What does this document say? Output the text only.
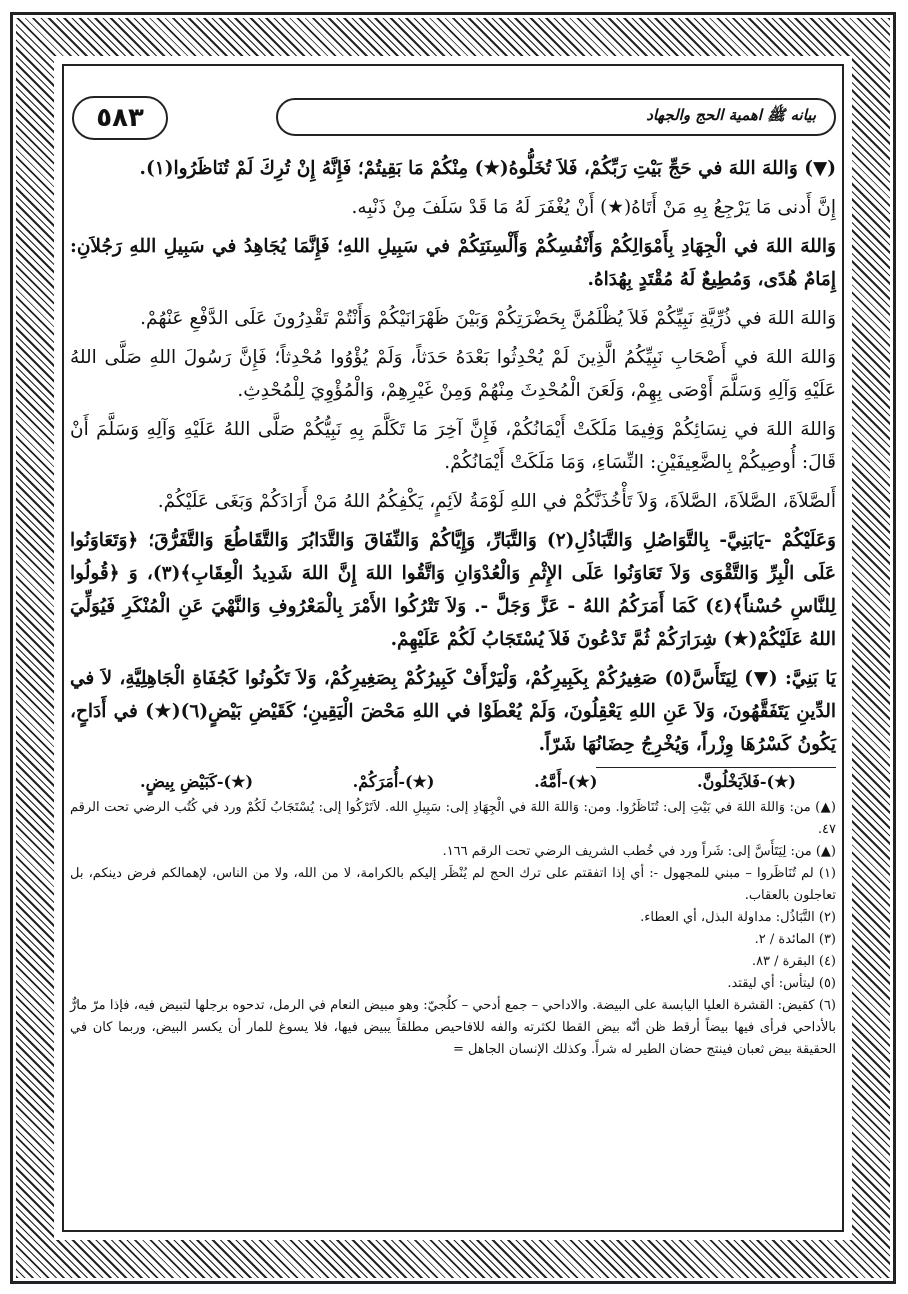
بيانه ﷺ اهمية الحج والجهاد
٥٨٣

(▼) وَاللهَ اللهَ في حَجِّ بَيْتِ رَبِّكُمْ، فَلاَ تُخَلُّوهُ(★) مِنْكُمْ مَا بَقِيتُمْ؛ فَإِنَّهُ إِنْ تُرِكَ لَمْ تُنَاظَرُوا(١).

إِنَّ أَدنى مَا يَرْجِعُ بِهِ مَنْ أَتَاهُ(★) أَنْ يُغْفَرَ لَهُ مَا قَدْ سَلَفَ مِنْ ذَنْبِه.

وَاللهَ اللهَ في الْجِهَادِ بِأَمْوَالِكُمْ وَأَنْفُسِكُمْ وَأَلْسِنَتِكُمْ في سَبِيلِ اللهِ؛ فَإِنَّمَا يُجَاهِدُ في سَبِيلِ اللهِ رَجُلاَنِ: إِمَامٌ هُدًى، وَمُطِيعٌ لَهُ مُقْتَدٍ بِهُدَاهُ.

وَاللهَ اللهَ في ذُرِّيَّةِ نَبِيِّكُمْ فَلاَ يُظْلَمُنَّ بِحَضْرَتِكُمْ وَبَيْنَ ظَهْرَانَيْكُمْ وَأَنْتُمْ تَقْدِرُونَ عَلَى الدَّفْعِ عَنْهُمْ.

وَاللهَ اللهَ في أَصْحَابِ نَبِيِّكُمُ الَّذِينَ لَمْ يُحْدِثُوا بَعْدَهُ حَدَثاً، وَلَمْ يُؤْوُوا مُحْدِثاً؛ فَإِنَّ رَسُولَ اللهِ صَلَّى اللهُ عَلَيْهِ وَآلِهِ وَسَلَّمَ أَوْصَى بِهِمْ، وَلَعَنَ الْمُحْدِثَ مِنْهُمْ وَمِنْ غَيْرِهِمْ، وَالْمُؤْوِيَ لِلْمُحْدِثِ.

وَاللهَ اللهَ في نِسَائِكُمْ وَفِيمَا مَلَكَتْ أَيْمَانُكُمْ، فَإِنَّ آخِرَ مَا تَكَلَّمَ بِهِ نَبِيُّكُمْ صَلَّى اللهُ عَلَيْهِ وَآلِهِ وَسَلَّمَ أَنْ قَالَ: أُوصِيكُمْ بِالضَّعِيفَيْنِ: النِّسَاءِ، وَمَا مَلَكَتْ أَيْمَانُكُمْ.

أَلصَّلاَةَ، الصَّلاَةَ، الصَّلاَةَ، وَلاَ تَأْخُذَنَّكُمْ في اللهِ لَوْمَةُ لاَئِمٍ، يَكْفِكُمُ اللهُ مَنْ أَرَادَكُمْ وَبَغَى عَلَيْكُمْ.

وَعَلَيْكُمْ -يَابَنِيَّ- بِالتَّوَاصُلِ وَالتَّبَاذُلِ(٢) وَالتَّبَارِّ، وَإِيَّاكُمْ وَالنِّفَاقَ وَالتَّدَابُرَ وَالتَّقَاطُعَ وَالتَّفَرُّقَ؛ ﴿وَتَعَاوَنُوا عَلَى الْبِرِّ وَالتَّقْوَى وَلاَ تَعَاوَنُوا عَلَى الإِثْمِ وَالْعُدْوَانِ وَاتَّقُوا اللهَ إِنَّ اللهَ شَدِيدُ الْعِقَابِ﴾(٣)، وَ ﴿قُولُوا لِلنَّاسِ حُسْناً﴾(٤) كَمَا أَمَرَكُمُ اللهُ - عَزَّ وَجَلَّ -. وَلاَ تَتْرُكُوا الأَمْرَ بِالْمَعْرُوفِ وَالنَّهْيَ عَنِ الْمُنْكَرِ فَيُوَلِّيَ اللهُ عَلَيْكُمْ(★) شِرَارَكُمْ ثُمَّ تَدْعُونَ فَلاَ يُسْتَجَابُ لَكُمْ عَلَيْهِمْ.

يَا بَنِيَّ: (▼) لِيَتَأَسَّ(٥) صَغِيرُكُمْ بِكَبِيرِكُمْ، وَلْيَرْأَفْ كَبِيرُكُمْ بِصَغِيرِكُمْ، وَلاَ تَكُونُوا كَجُفَاةِ الْجَاهِلِيَّةِ، لاَ في الدِّينِ يَتَفَقَّهُونَ، وَلاَ عَنِ اللهِ يَعْقِلُونَ، وَلَمْ يُعْطَوْا في اللهِ مَحْضَ الْيَقِينِ؛ كَقَيْضِ بَيْضٍ(٦)(★) في أَدَاحٍ، يَكُونُ كَسْرُهَا وِزْراً، وَيُخْرِجُ حِضَانُهَا شَرّاً.

(★)-فَلاَيَخْلُونَّ.
(★)-أَمَّهُ.
(★)-أُمَرَكُمْ.
(★)-كَبَيْضِ بِيضٍ.

(▲) من: وَاللهَ اللهَ في بَيْتِ إلى: تُنَاظَرُوا. ومن: وَاللهَ اللهَ في الْجِهَادِ إلى: سَبِيلِ الله. لاَتَرْكُوا إلى: يُسْتَجَابُ لَكُمْ ورد في كُتُب الرضي تحت الرقم ٤٧.

(▲) من: لِيَتَأَسَّ إلى: شَراً ورد في خُطب الشريف الرضي تحت الرقم ١٦٦.

(١) لم تُنَاظَروا – مبني للمجهول -: أي إذا اتفقتم على ترك الحج لم يُنْظَر إليكم بالكرامة، لا من الله، ولا من الناس، لإهمالكم فرض دينكم، بل تعاجلون بالعقاب.

(٢) التَّبَاذُل: مداولة البذل، أي العطاء.

(٣) المائدة / ٢.

(٤) البقرة / ٨٣.

(٥) ليتأس: أي ليقتد.

(٦) كقيض: القشرة العليا اليابسة على البيضة. والاداحي – جمع أدحي – كلُجيّ: وهو مبيض النعام في الرمل، تدحوه برجلها لتبيض فيه، فإذا مرّ مارٌّ بالأداحي فرأى فيها بيضاً أرقط ظن أنّه بيض القطا لكثرته والفه للافاحيص مطلقاً يبيض فيها، فلا يسوغ للمار أن يكسر البيض، وربما كان في الحقيقة بيض ثعبان فينتج حضان الطير له شراً. وكذلك الإنسان الجاهل =
